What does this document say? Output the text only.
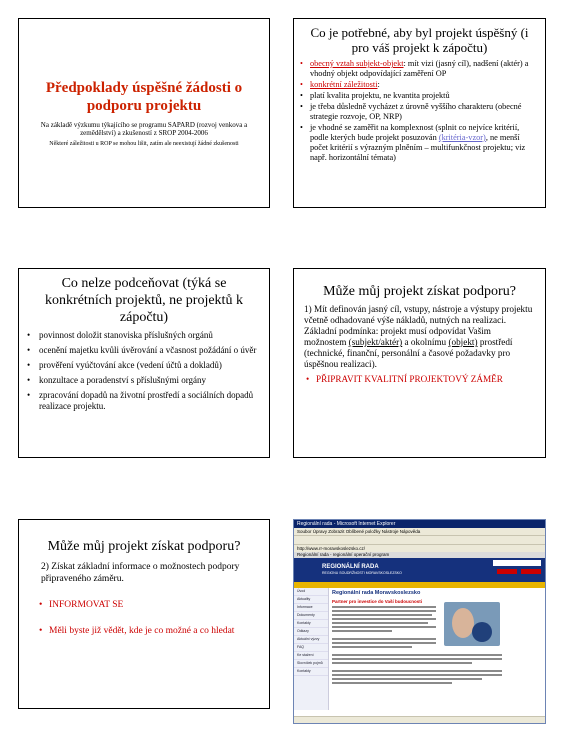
Předpoklady úspěšné žádosti o podporu projektu
Na základě výzkumu týkajícího se programu SAPARD (rozvoj venkova a zemědělství) a zkušeností z SROP 2004-2006
Některé záležitosti u ROP se mohou lišit, zatím ale neexistují žádné zkušenosti
Co je potřebné, aby byl projekt úspěšný (i pro váš projekt k zápočtu)
• obecný vztah subjekt-objekt: mít vizi (jasný cíl), nadšení (aktér) a vhodný objekt odpovídající zaměření OP
• konkrétní záležitosti:
• platí kvalita projektu, ne kvantita projektů
• je třeba důsledně vycházet z úrovně vyššího charakteru (obecné strategie rozvoje, OP, NRP)
• je vhodné se zaměřit na komplexnost (splnit co nejvíce kritérií, podle kterých bude projekt posuzován (kritéria-vzor), ne menší počet kritérií s výrazným plněním – multifunkčnost projektu; viz např. horizontální témata)
Co nelze podceňovat (týká se konkrétních projektů, ne projektů k zápočtu)
• povinnost doložit stanoviska příslušných orgánů
• ocenění majetku kvůli úvěrování a včasnost požádání o úvěr
• prověření vyúčtování akce (vedení účtů a dokladů)
• konzultace a poradenství s příslušnými orgány
• zpracování dopadů na životní prostředí a sociálních dopadů realizace projektu.
Může můj projekt získat podporu?
1) Mít definován jasný cíl, vstupy, nástroje a výstupy projektu včetně odhadované výše nákladů, nutných na realizaci. Základní podmínka: projekt musí odpovídat Vašim možnostem (subjekt/aktér) a okolnímu (objekt) prostředí (technické, finanční, personální a časové požadavky pro úspěšnou realizaci).
• PŘIPRAVIT KVALITNÍ PROJEKTOVÝ ZÁMĚR
Může můj projekt získat podporu?
2) Získat základní informace o možnostech podpory připraveného záměru.
• INFORMOVAT SE
• Měli byste již vědět, kde je co možné a co hledat
Regionální rada - Microsoft Internet Explorer
Soubor Úpravy Zobrazit Oblíbené položky Nástroje Nápověda
http://www.rr-moravskoslezsko.cz/
Regionální rada - regionální operační program
REGIONÁLNÍ RADA
REGIONU SOUDRŽNOSTI MORAVSKOSLEZSKO
Úvod
Aktuality
Informace
Dokumenty
Kontakty
Odkazy
Aktuální výzvy
FAQ
Ke stažení
Slovníček pojmů
Kontakty
Regionální rada Moravskoslezsko
Partner pro investice do Vaší budoucnosti
